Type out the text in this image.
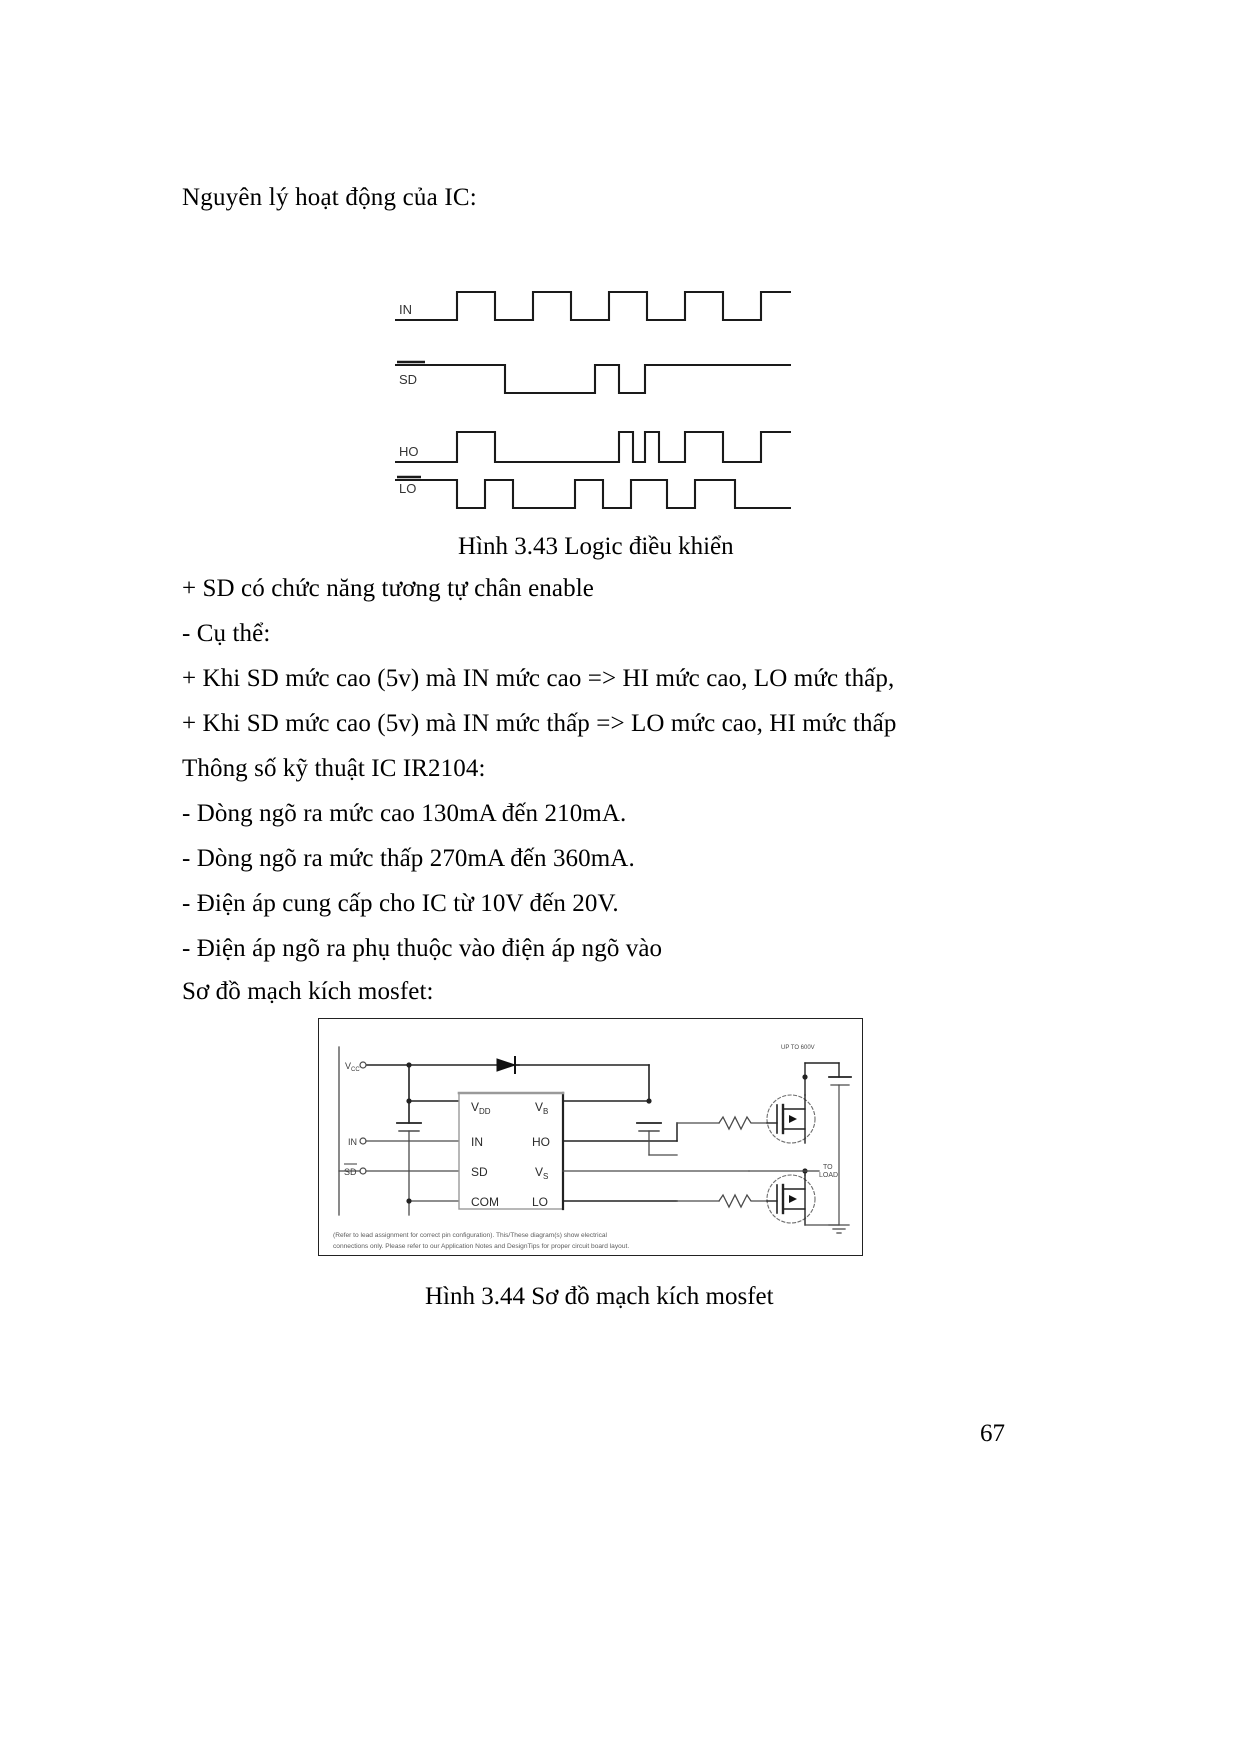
Nguyên lý hoạt động của IC:
IN
SD
HO
LO
Hình 3.43 Logic điều khiển
+ SD có chức năng tương tự chân enable
- Cụ thể:
+ Khi SD mức cao (5v) mà IN mức cao => HI mức cao, LO mức thấp,
+ Khi SD mức cao (5v) mà IN mức thấp => LO mức cao, HI mức thấp
Thông số kỹ thuật IC IR2104:
- Dòng ngõ ra mức cao 130mA đến 210mA.
- Dòng ngõ ra mức thấp 270mA đến 360mA.
- Điện áp cung cấp cho IC từ 10V đến 20V.
- Điện áp ngõ ra phụ thuộc vào điện áp ngõ vào
Sơ đồ mạch kích mosfet:
$V_{CC}$
IN
SD
$V_{DD}$
IN
SD
COM
$V_B$
HO
$V_S$
LO
UP TO 600V
TO
LOAD
(Refer to lead assignment for correct pin configuration). This/These diagram(s) show electrical
connections only. Please refer to our Application Notes and DesignTips for proper circuit board layout.
Hình 3.44 Sơ đồ mạch kích mosfet
67
